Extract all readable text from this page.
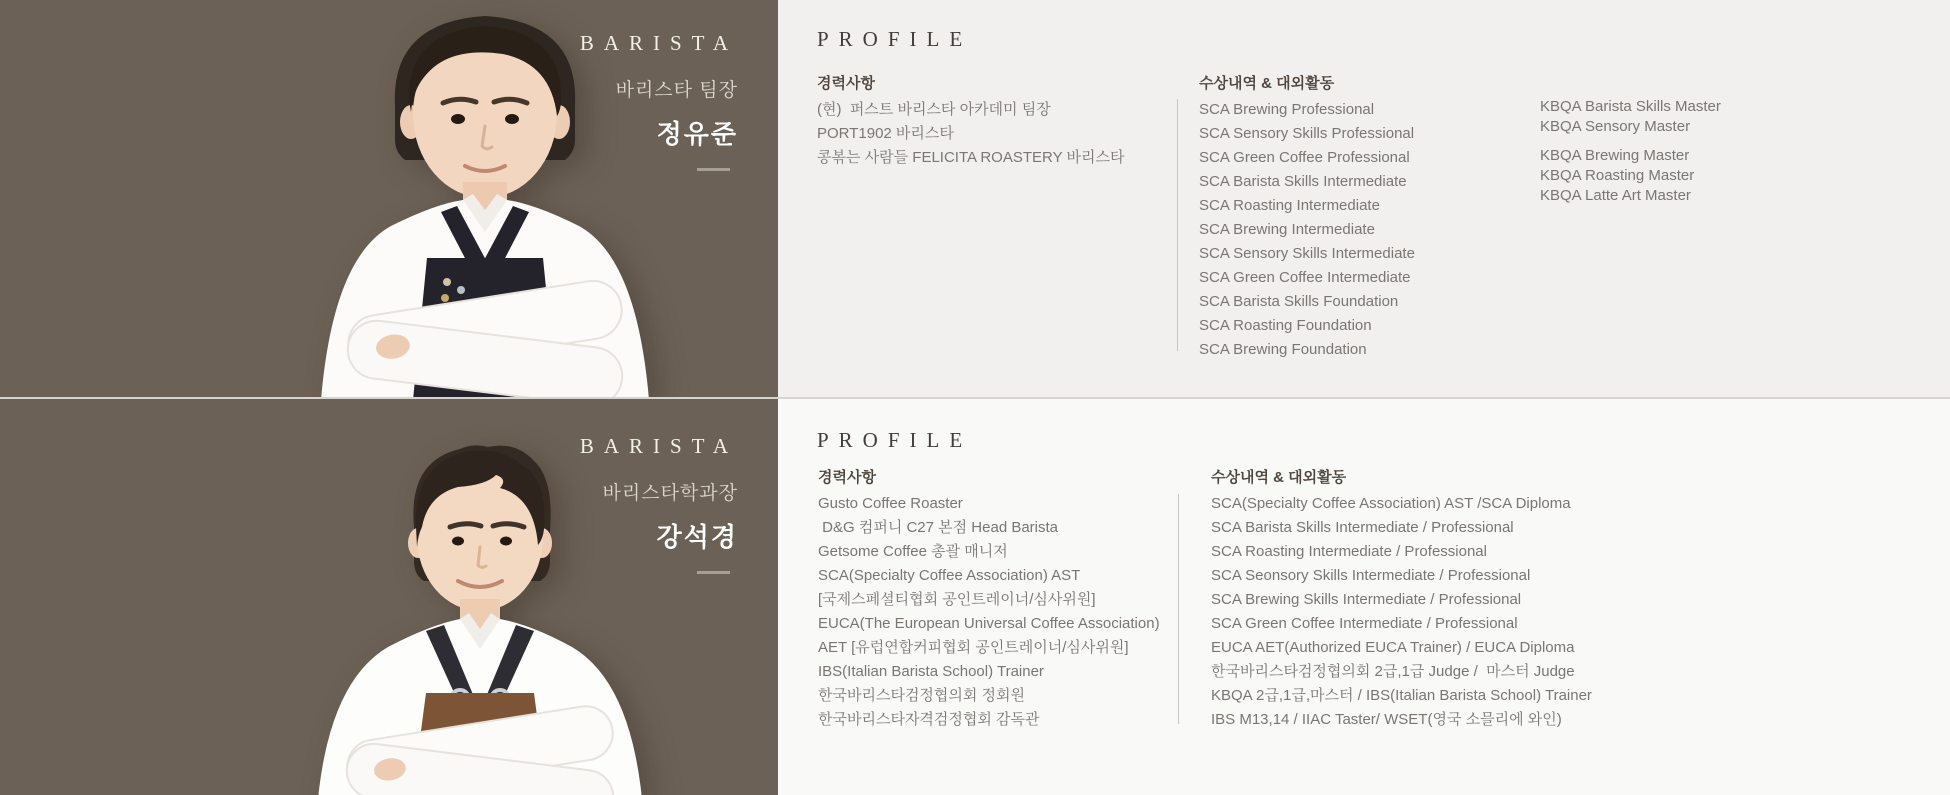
BARISTA
바리스타 팀장
정유준
PROFILE
경력사항
(현)  퍼스트 바리스타 아카데미 팀장
PORT1902 바리스타
콩볶는 사람들 FELICITA ROASTERY 바리스타
수상내역 & 대외활동
SCA Brewing Professional
SCA Sensory Skills Professional
SCA Green Coffee Professional
SCA Barista Skills Intermediate
SCA Roasting Intermediate
SCA Brewing Intermediate
SCA Sensory Skills Intermediate
SCA Green Coffee Intermediate
SCA Barista Skills Foundation
SCA Roasting Foundation
SCA Brewing Foundation
KBQA Barista Skills Master
KBQA Sensory Master
KBQA Brewing Master
KBQA Roasting Master
KBQA Latte Art Master
BARISTA
바리스타학과장
강석경
PROFILE
경력사항
Gusto Coffee Roaster
D&G 컴퍼니 C27 본점 Head Barista
Getsome Coffee 총괄 매니저
SCA(Specialty Coffee Association) AST
[국제스페셜티협회 공인트레이너/심사위원]
EUCA(The European Universal Coffee Association)
AET [유럽연합커피협회 공인트레이너/심사위원]
IBS(Italian Barista School) Trainer
한국바리스타검정협의회 정회원
한국바리스타자격검정협회 감독관
수상내역 & 대외활동
SCA(Specialty Coffee Association) AST /SCA Diploma
SCA Barista Skills Intermediate / Professional
SCA Roasting Intermediate / Professional
SCA Seonsory Skills Intermediate / Professional
SCA Brewing Skills Intermediate / Professional
SCA Green Coffee Intermediate / Professional
EUCA AET(Authorized EUCA Trainer) / EUCA Diploma
한국바리스타검정협의회 2급,1급 Judge /  마스터 Judge
KBQA 2급,1급,마스터 / IBS(Italian Barista School) Trainer
IBS M13,14 / IIAC Taster/ WSET(영국 소믈리에 와인)
